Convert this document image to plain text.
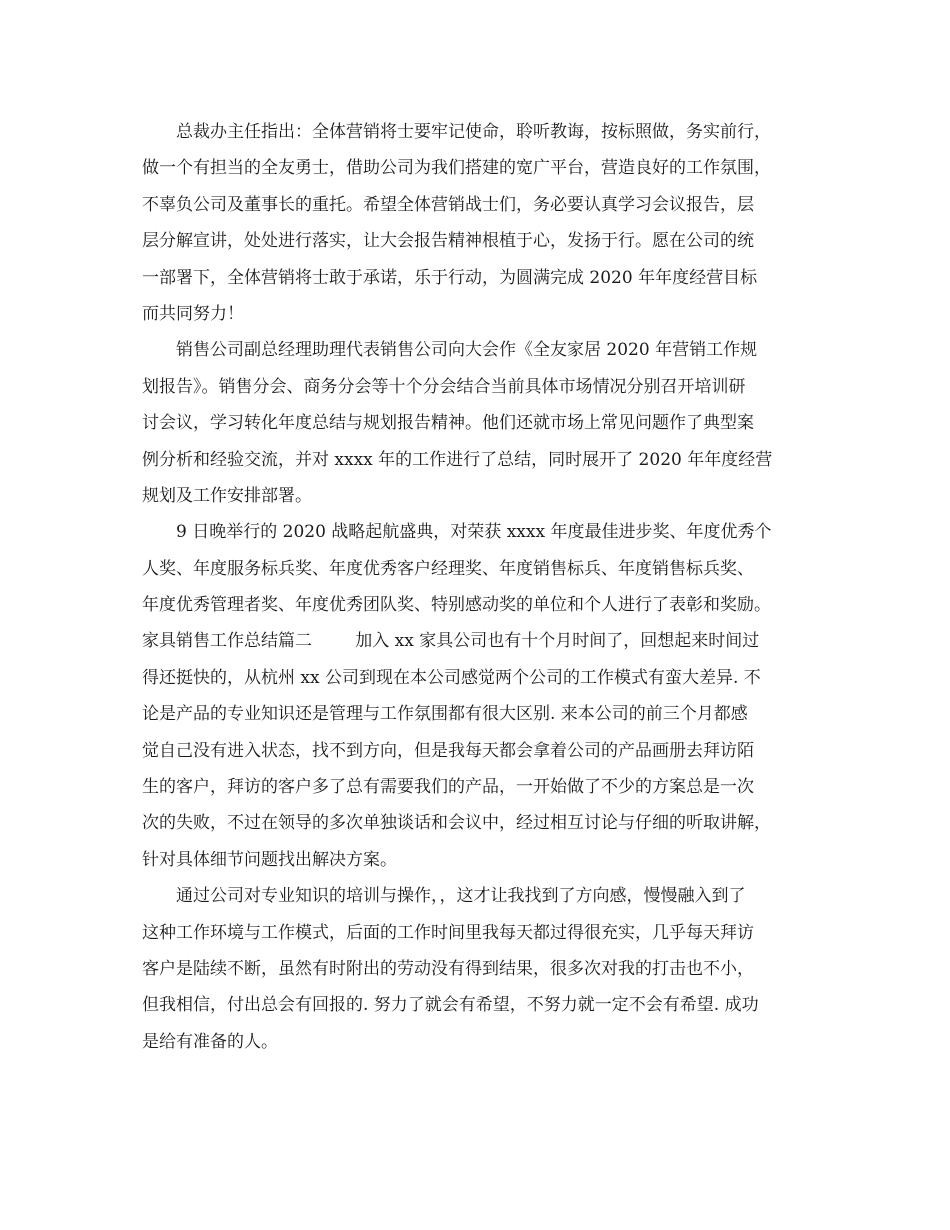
总裁办主任指出：全体营销将士要牢记使命，聆听教诲，按标照做，务实前行，
做一个有担当的全友勇士，借助公司为我们搭建的宽广平台，营造良好的工作氛围，
不辜负公司及董事长的重托。希望全体营销战士们，务必要认真学习会议报告，层
层分解宣讲，处处进行落实，让大会报告精神根植于心，发扬于行。愿在公司的统
一部署下，全体营销将士敢于承诺，乐于行动，为圆满完成 2020 年年度经营目标
而共同努力！
销售公司副总经理助理代表销售公司向大会作《全友家居 2020 年营销工作规
划报告》。销售分会、商务分会等十个分会结合当前具体市场情况分别召开培训研
讨会议，学习转化年度总结与规划报告精神。他们还就市场上常见问题作了典型案
例分析和经验交流，并对 xxxx 年的工作进行了总结，同时展开了 2020 年年度经营
规划及工作安排部署。
9 日晚举行的 2020 战略起航盛典，对荣获 xxxx 年度最佳进步奖、年度优秀个
人奖、年度服务标兵奖、年度优秀客户经理奖、年度销售标兵、年度销售标兵奖、
年度优秀管理者奖、年度优秀团队奖、特别感动奖的单位和个人进行了表彰和奖励。
家具销售工作总结篇二        加入 xx 家具公司也有十个月时间了，回想起来时间过
得还挺快的，从杭州 xx 公司到现在本公司感觉两个公司的工作模式有蛮大差异. 不
论是产品的专业知识还是管理与工作氛围都有很大区别. 来本公司的前三个月都感
觉自己没有进入状态，找不到方向，但是我每天都会拿着公司的产品画册去拜访陌
生的客户，拜访的客户多了总有需要我们的产品，一开始做了不少的方案总是一次
次的失败，不过在领导的多次单独谈话和会议中，经过相互讨论与仔细的听取讲解，
针对具体细节问题找出解决方案。
通过公司对专业知识的培训与操作，，这才让我找到了方向感，慢慢融入到了
这种工作环境与工作模式，后面的工作时间里我每天都过得很充实，几乎每天拜访
客户是陆续不断，虽然有时附出的劳动没有得到结果，很多次对我的打击也不小，
但我相信，付出总会有回报的. 努力了就会有希望，不努力就一定不会有希望. 成功
是给有准备的人。
